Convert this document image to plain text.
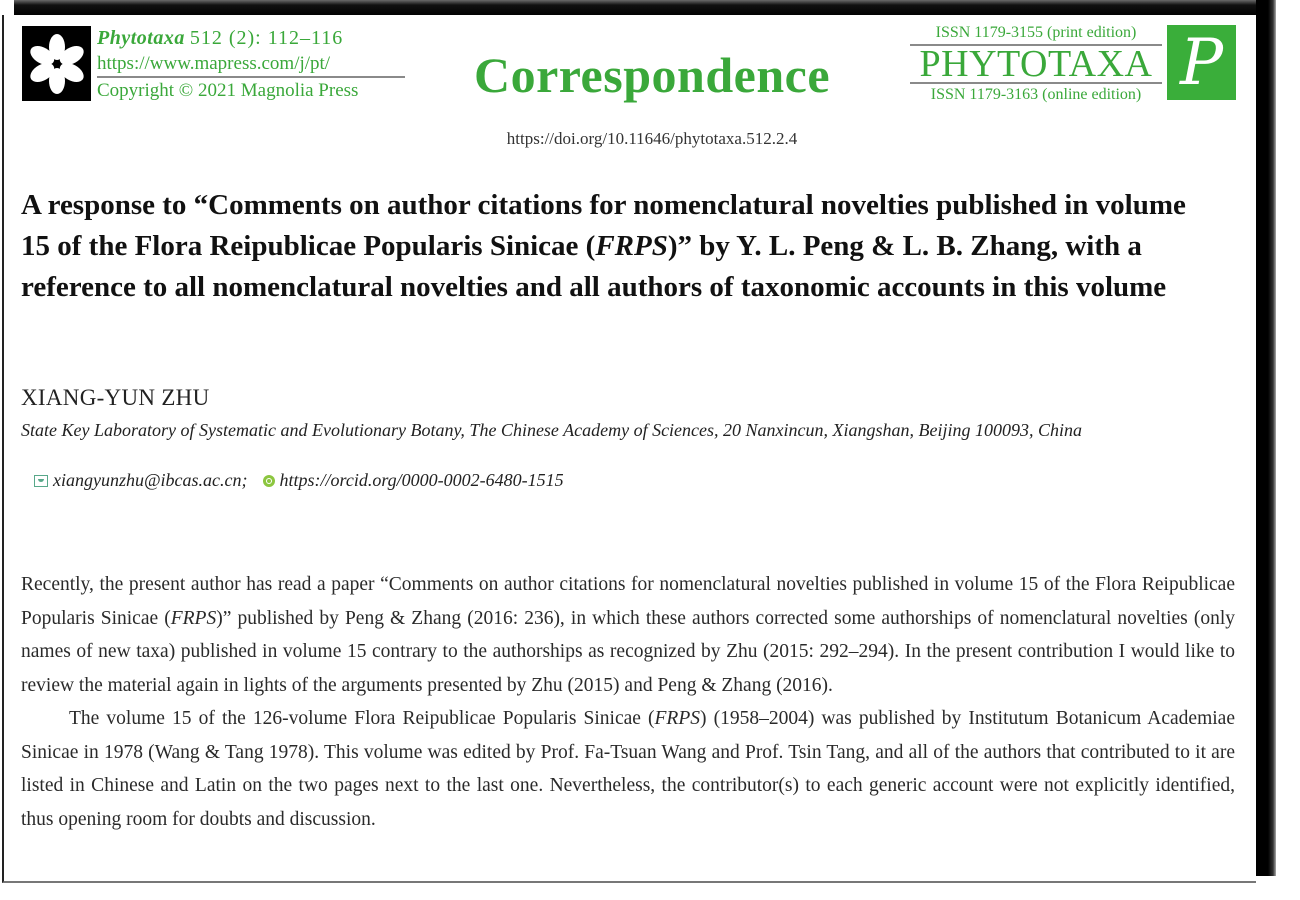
Phytotaxa 512 (2): 112–116
https://www.mapress.com/j/pt/
Copyright © 2021 Magnolia Press	Correspondence
https://doi.org/10.11646/phytotaxa.512.2.4
ISSN 1179-3155 (print edition)
PHYTOTAXA
ISSN 1179-3163 (online edition) P
A response to “Comments on author citations for nomenclatural novelties published in volume 15 of the Flora Reipublicae Popularis Sinicae (FRPS)” by Y. L. Peng & L. B. Zhang, with a reference to all nomenclatural novelties and all authors of taxonomic accounts in this volume
XIANG-YUN ZHU
State Key Laboratory of Systematic and Evolutionary Botany, The Chinese Academy of Sciences, 20 Nanxincun, Xiangshan, Beijing 100093, China
xiangyunzhu@ibcas.ac.cn; https://orcid.org/0000-0002-6480-1515

Recently, the present author has read a paper “Comments on author citations for nomenclatural novelties published in volume 15 of the Flora Reipublicae Popularis Sinicae (FRPS)” published by Peng & Zhang (2016: 236), in which these authors corrected some authorships of nomenclatural novelties (only names of new taxa) published in volume 15 contrary to the authorships as recognized by Zhu (2015: 292–294). In the present contribution I would like to review the material again in lights of the arguments presented by Zhu (2015) and Peng & Zhang (2016).

The volume 15 of the 126-volume Flora Reipublicae Popularis Sinicae (FRPS) (1958–2004) was published by Institutum Botanicum Academiae Sinicae in 1978 (Wang & Tang 1978). This volume was edited by Prof. Fa-Tsuan Wang and Prof. Tsin Tang, and all of the authors that contributed to it are listed in Chinese and Latin on the two pages next to the last one. Nevertheless, the contributor(s) to each generic account were not explicitly identified, thus opening room for doubts and discussion.
